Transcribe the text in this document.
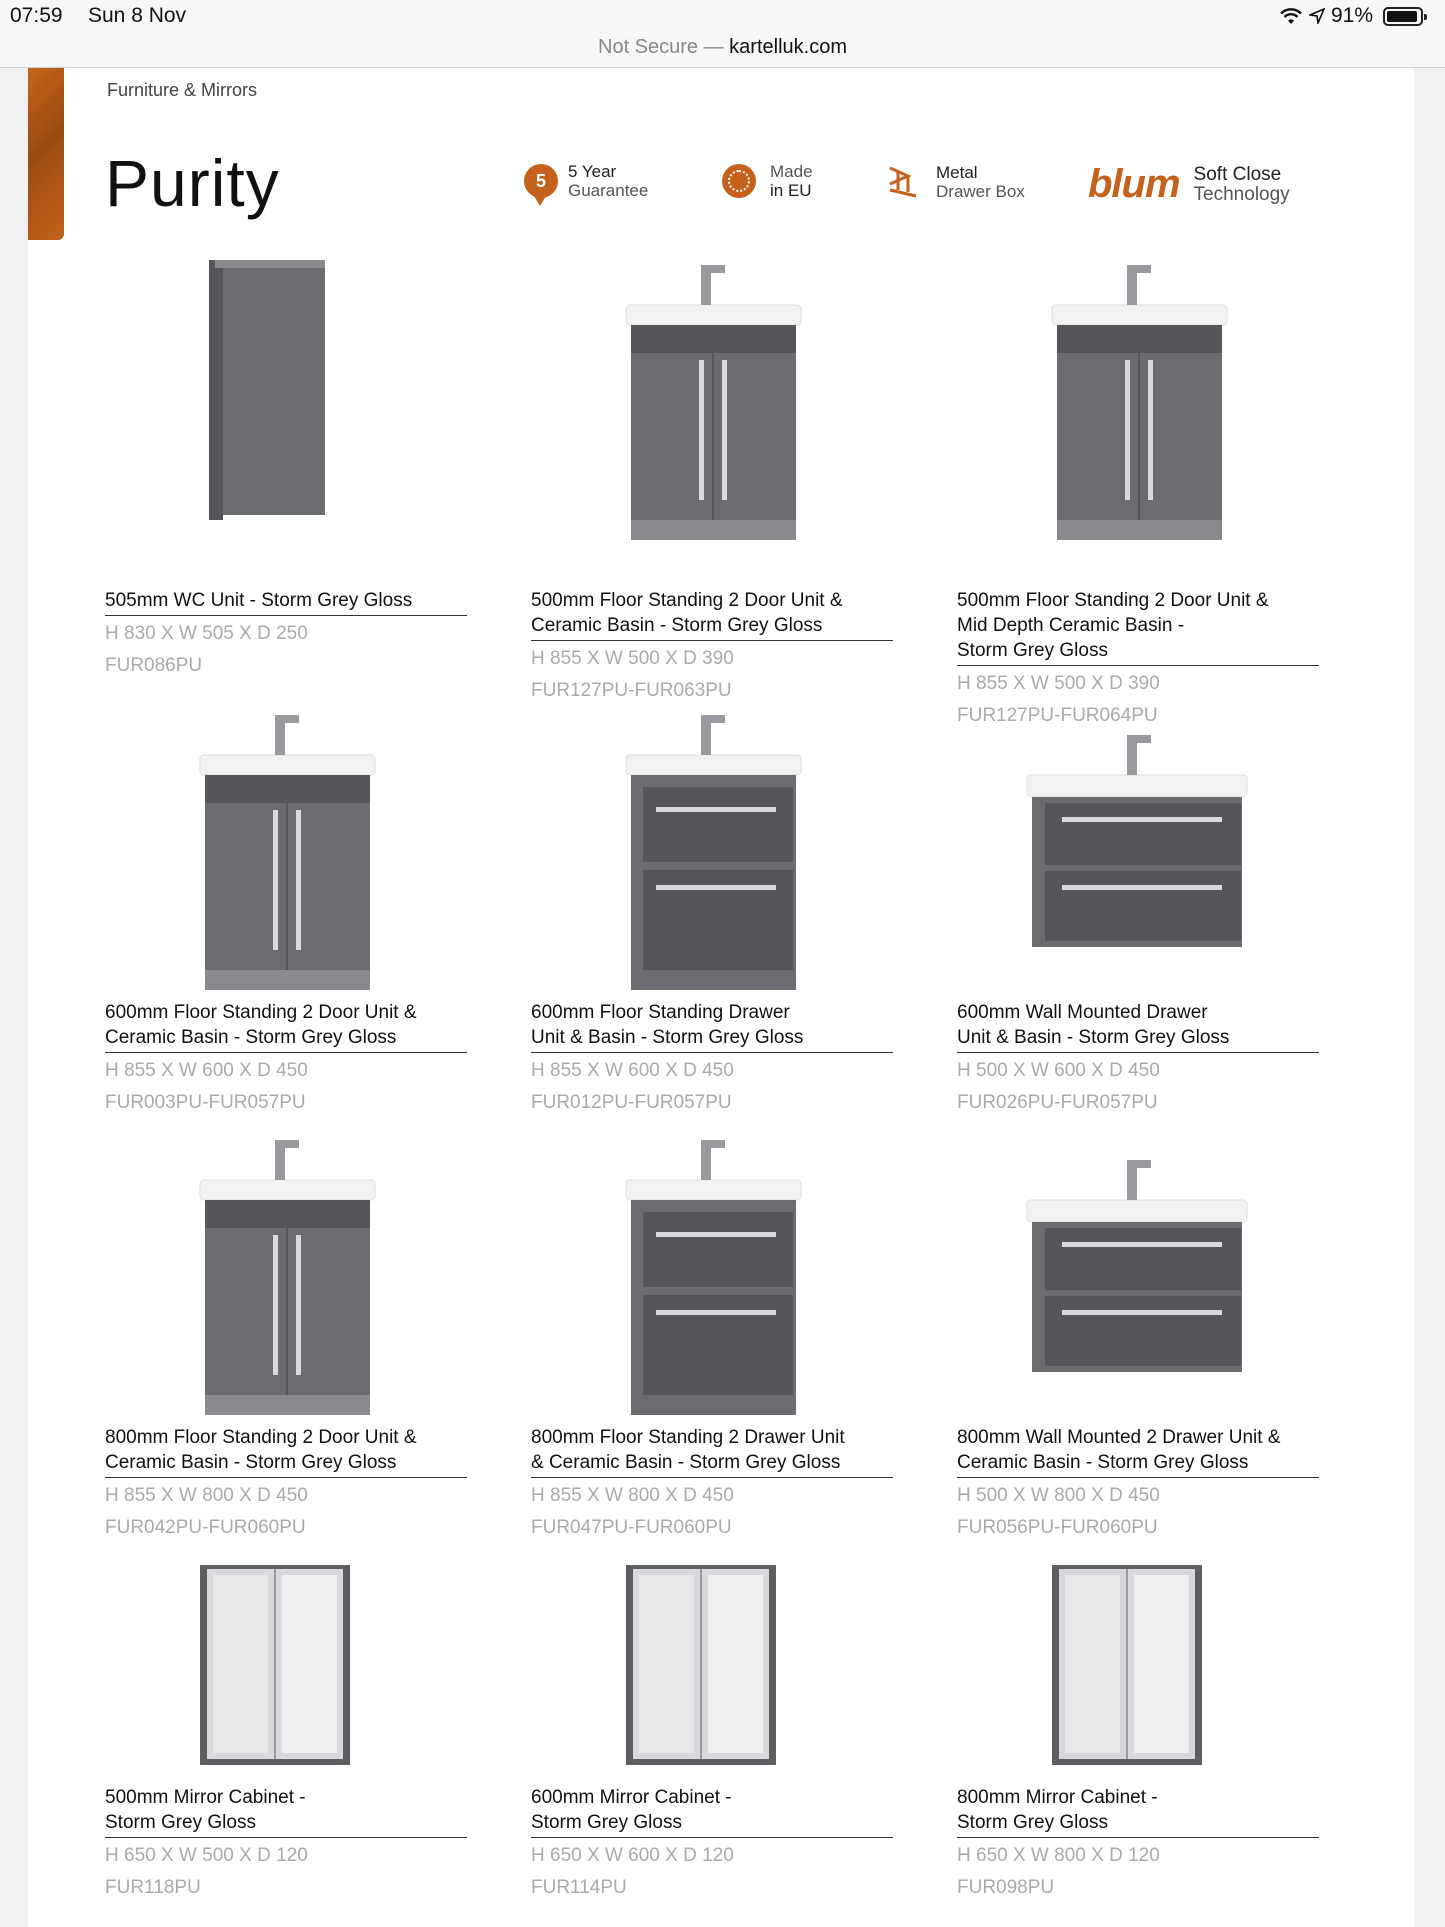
07:59 Sun 8 Nov	91%
Not Secure — kartelluk.com
Furniture & Mirrors
Purity	5	5 Year
Guarantee
Made
in EU
Metal
Drawer Box blum Soft Close
Technology
505mm WC Unit - Storm Grey Gloss
H 830 X W 505 X D 250
FUR086PU
500mm Floor Standing 2 Door Unit &
Ceramic Basin - Storm Grey Gloss
H 855 X W 500 X D 390
FUR127PU-FUR063PU
500mm Floor Standing 2 Door Unit &
Mid Depth Ceramic Basin -
Storm Grey Gloss
H 855 X W 500 X D 390
FUR127PU-FUR064PU
600mm Floor Standing 2 Door Unit &
Ceramic Basin - Storm Grey Gloss
H 855 X W 600 X D 450
FUR003PU-FUR057PU
600mm Floor Standing Drawer
Unit & Basin - Storm Grey Gloss
H 855 X W 600 X D 450
FUR012PU-FUR057PU
600mm Wall Mounted Drawer
Unit & Basin - Storm Grey Gloss
H 500 X W 600 X D 450
FUR026PU-FUR057PU
800mm Floor Standing 2 Door Unit &
Ceramic Basin - Storm Grey Gloss
H 855 X W 800 X D 450
FUR042PU-FUR060PU
800mm Floor Standing 2 Drawer Unit
& Ceramic Basin - Storm Grey Gloss
H 855 X W 800 X D 450
FUR047PU-FUR060PU
800mm Wall Mounted 2 Drawer Unit &
Ceramic Basin - Storm Grey Gloss
H 500 X W 800 X D 450
FUR056PU-FUR060PU
500mm Mirror Cabinet -
Storm Grey Gloss
H 650 X W 500 X D 120
FUR118PU
600mm Mirror Cabinet -
Storm Grey Gloss
H 650 X W 600 X D 120
FUR114PU
800mm Mirror Cabinet -
Storm Grey Gloss
H 650 X W 800 X D 120
FUR098PU
